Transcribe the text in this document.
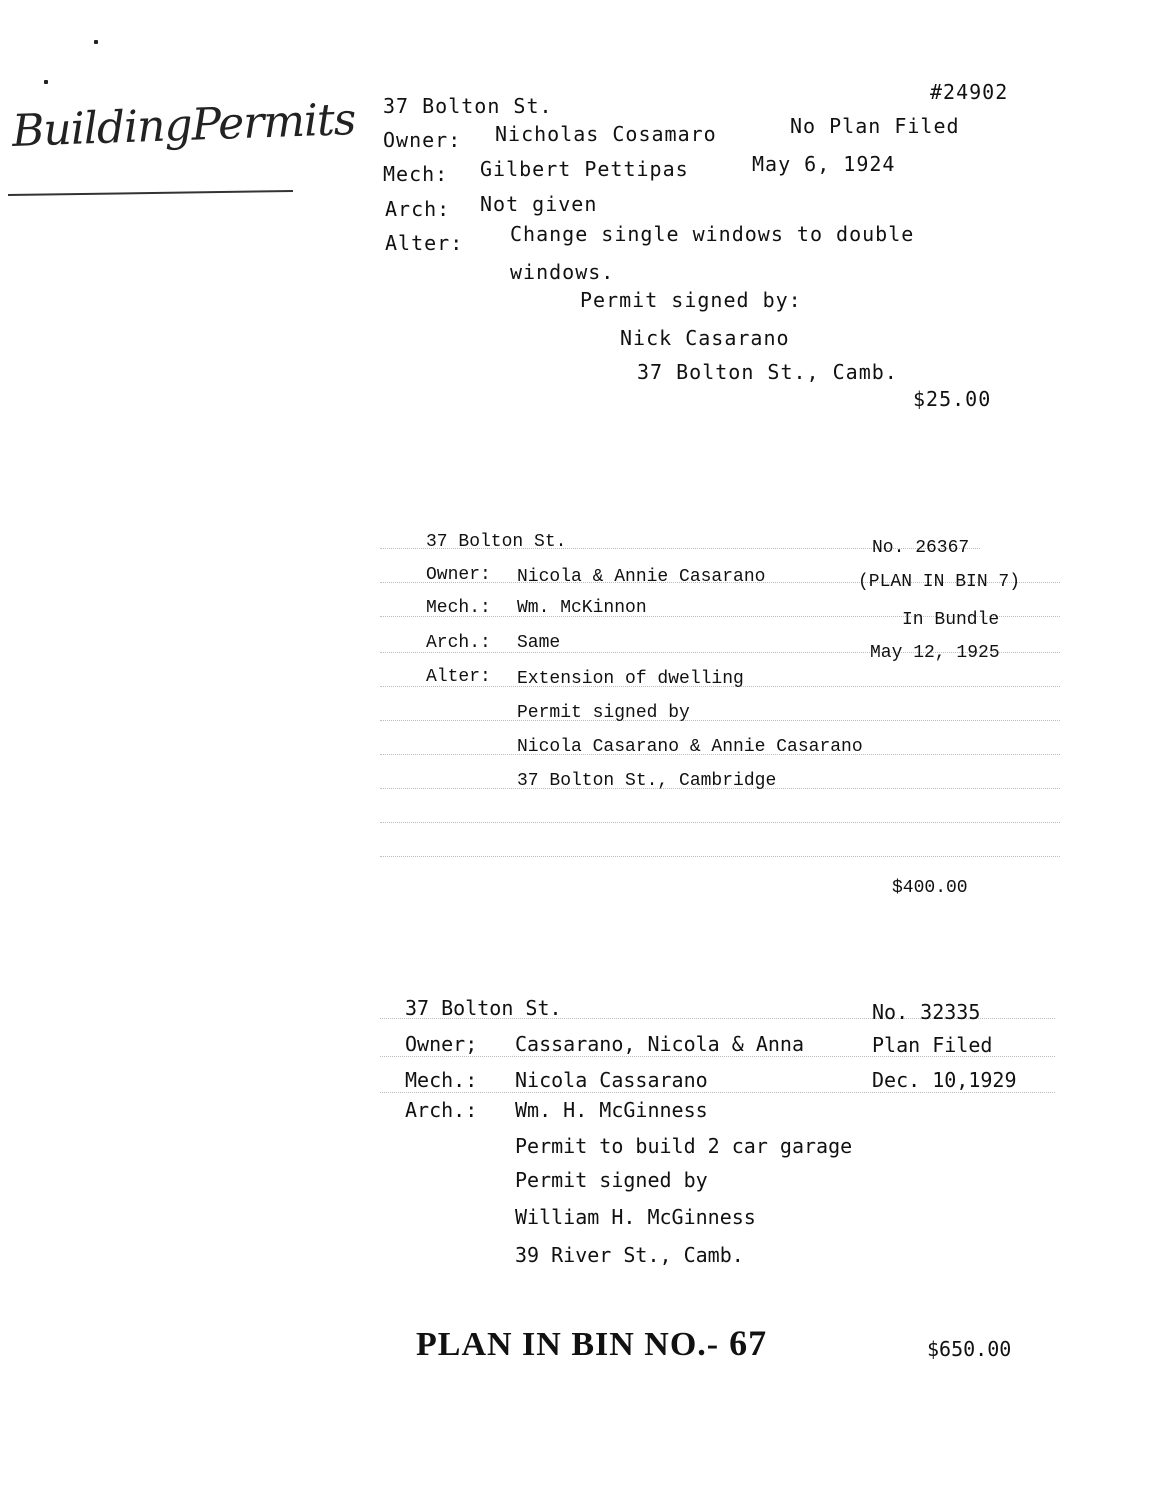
BuildingPermits 37 Bolton St.
#24902
Owner: Nicholas Cosamaro	No Plan Filed
Mech: Gilbert Pettipas	May 6, 1924
Arch: Not given
Alter: Change single windows to double
windows.
Permit signed by:
Nick Casarano
37 Bolton St., Camb.
$25.00
37 Bolton St.	No. 26367
Owner: Nicola & Annie Casarano	(PLAN IN BIN 7)
Mech.: Wm. McKinnon
In Bundle
Arch.: Same	May 12, 1925
Alter: Extension of dwelling
Permit signed by
Nicola Casarano & Annie Casarano
37 Bolton St., Cambridge
$400.00
37 Bolton St.	No. 32335
Owner; Cassarano, Nicola & Anna	Plan Filed
Mech.: Nicola Cassarano	Dec. 10,1929
Arch.: Wm. H. McGinness
Permit to build 2 car garage
Permit signed by
William H. McGinness
39 River St., Camb.
PLAN IN BIN NO.- 67	$650.00
